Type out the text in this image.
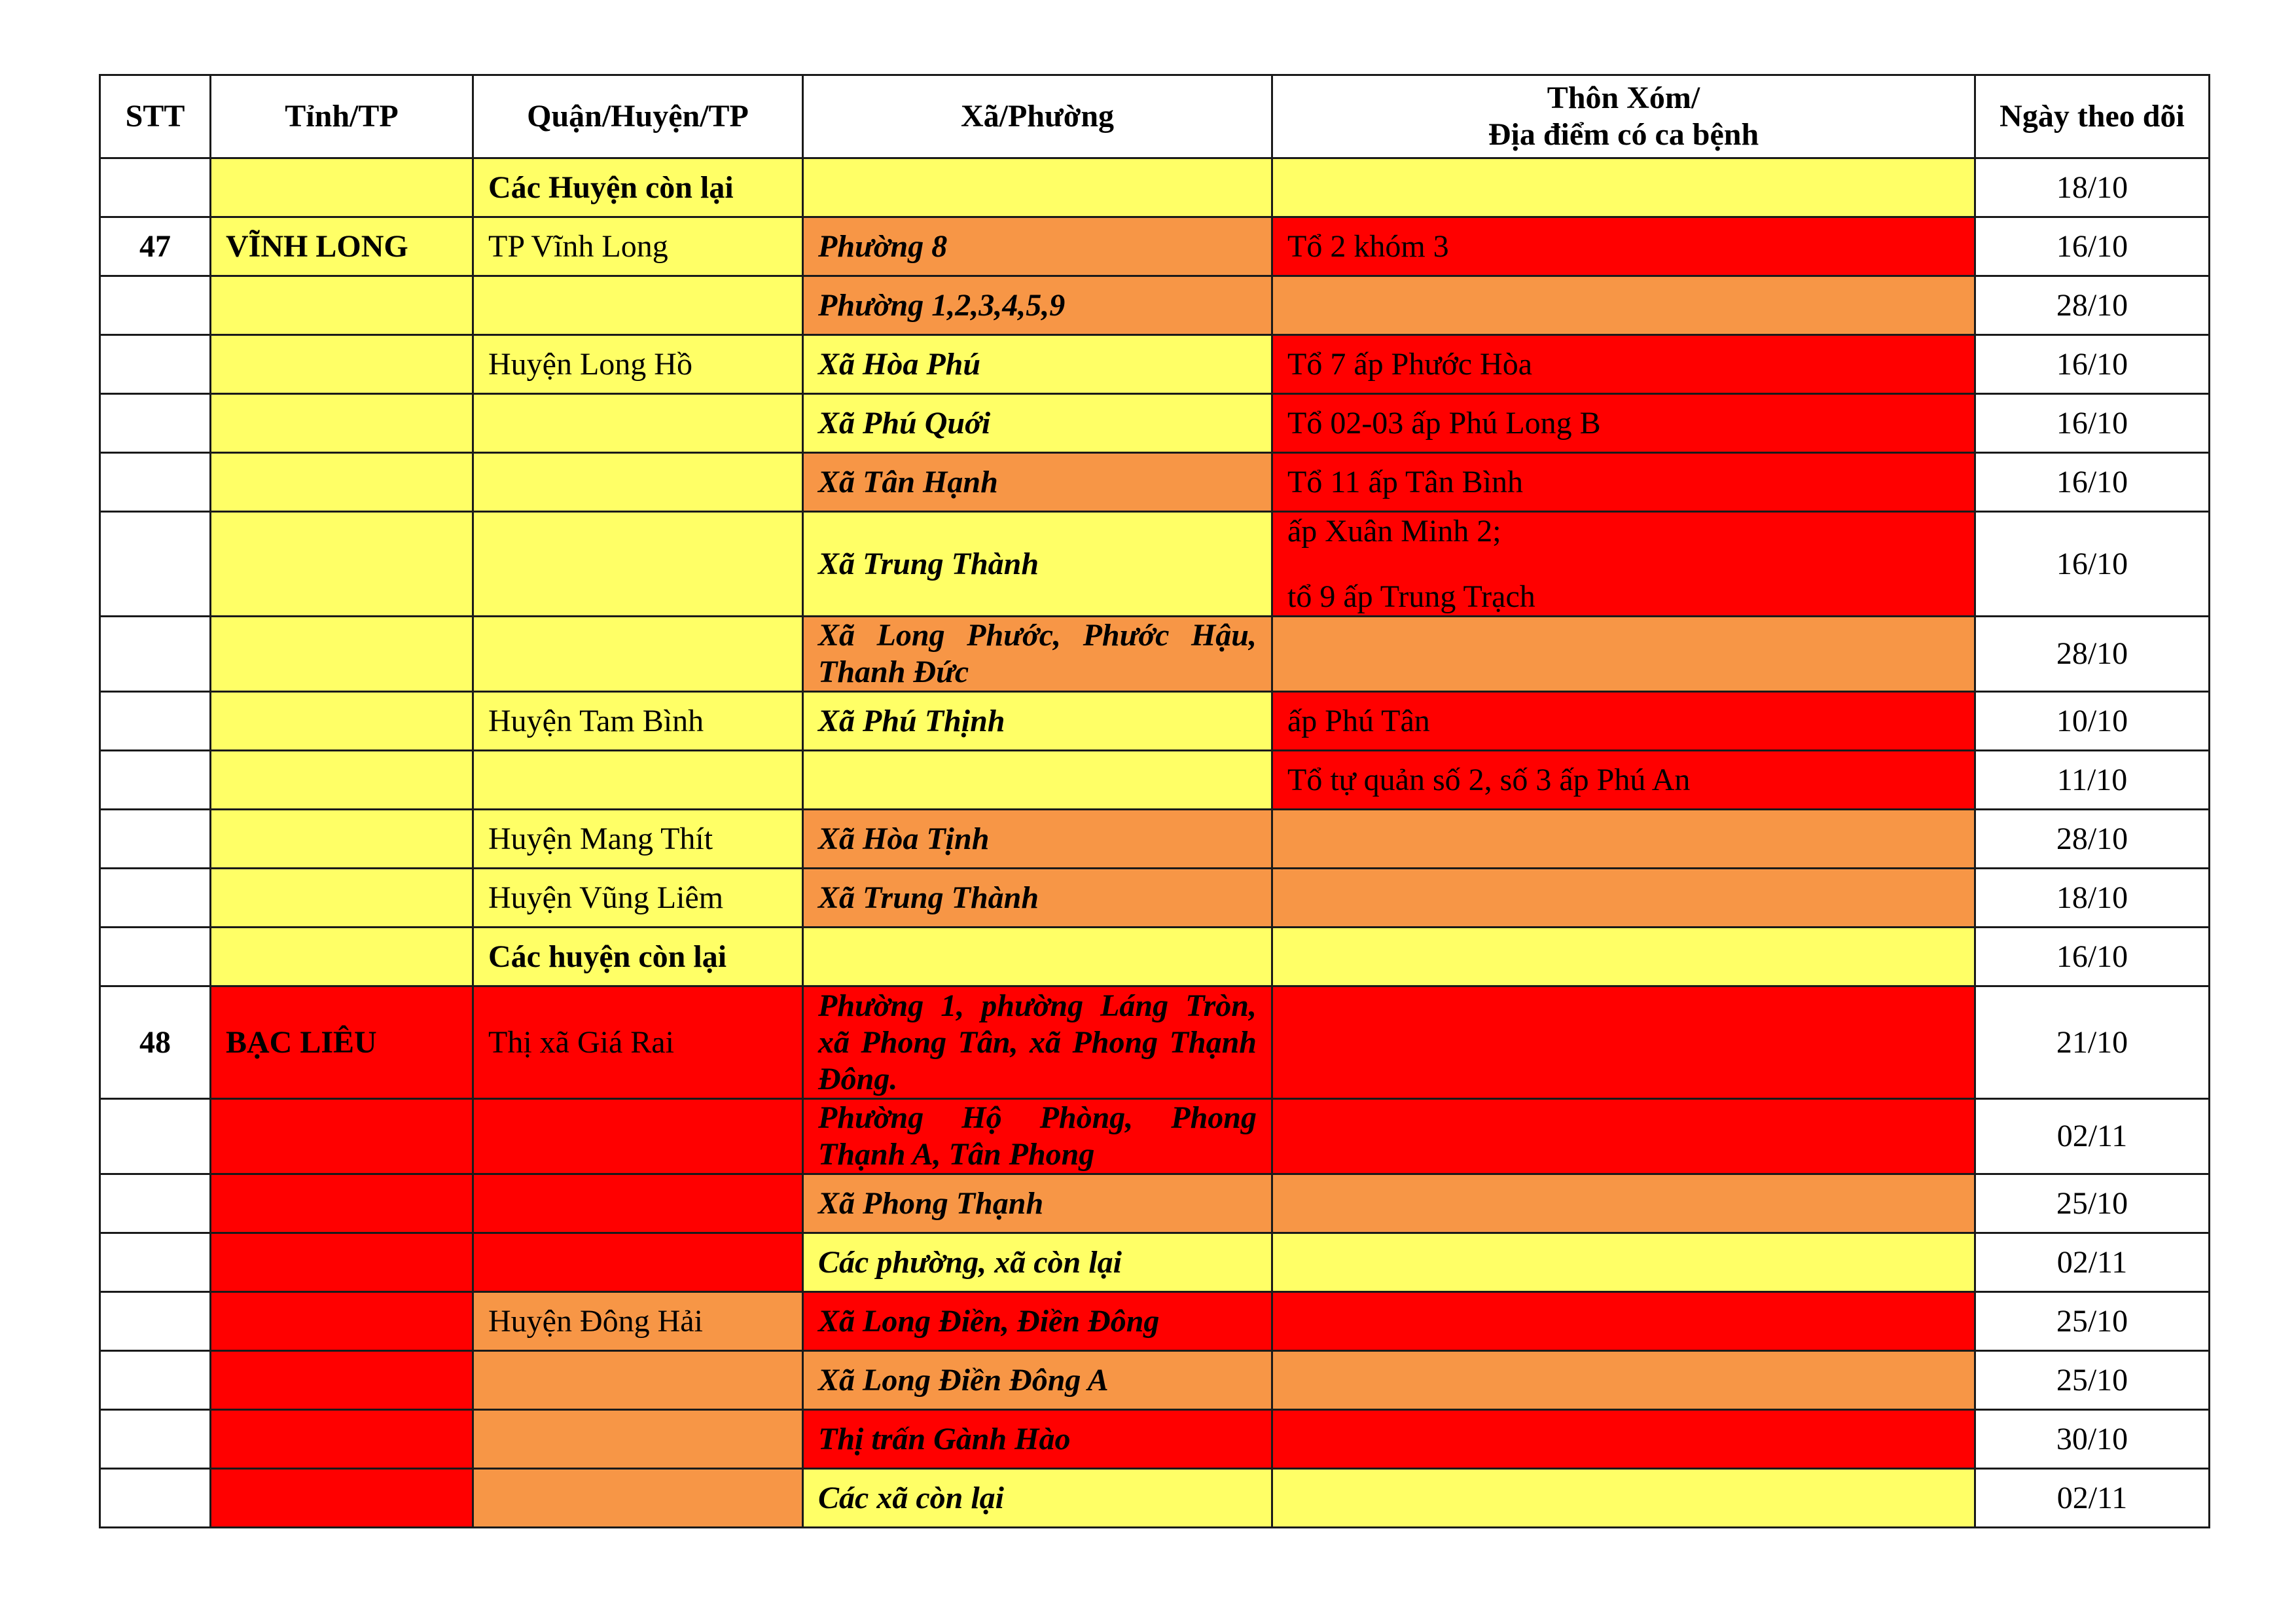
STT	Tỉnh/TP	Quận/Huyện/TP	Xã/Phường	Thôn Xóm/
Địa điểm có ca bệnh	Ngày theo dõi
		Các Huyện còn lại			18/10
47	VĨNH LONG	TP Vĩnh Long	Phường 8	Tổ 2 khóm 3	16/10
			Phường 1,2,3,4,5,9		28/10
		Huyện Long Hồ	Xã Hòa Phú	Tổ 7 ấp Phước Hòa	16/10
			Xã Phú Quới	Tổ 02-03 ấp Phú Long B	16/10
			Xã Tân Hạnh	Tổ 11 ấp Tân Bình	16/10
			Xã Trung Thành	ấp Xuân Minh 2;
tổ 9 ấp Trung Trạch	16/10
			Xã Long Phước, Phước Hậu, Thanh Đức		28/10
		Huyện Tam Bình	Xã Phú Thịnh	ấp Phú Tân	10/10

				Tổ tự quản số 2, số 3 ấp Phú An	11/10
		Huyện Mang Thít	Xã Hòa Tịnh		28/10
		Huyện Vũng Liêm	Xã Trung Thành		18/10
		Các huyện còn lại			16/10
48	BẠC LIÊU	Thị xã Giá Rai	Phường 1, phường Láng Tròn, xã Phong Tân, xã Phong Thạnh Đông.		21/10
			Phường Hộ Phòng, Phong Thạnh A, Tân Phong		02/11
			Xã Phong Thạnh		25/10
			Các phường, xã còn lại		02/11
		Huyện Đông Hải	Xã Long Điền, Điền Đông		25/10
			Xã Long Điền Đông A		25/10
			Thị trấn Gành Hào		30/10
			Các xã còn lại		02/11
